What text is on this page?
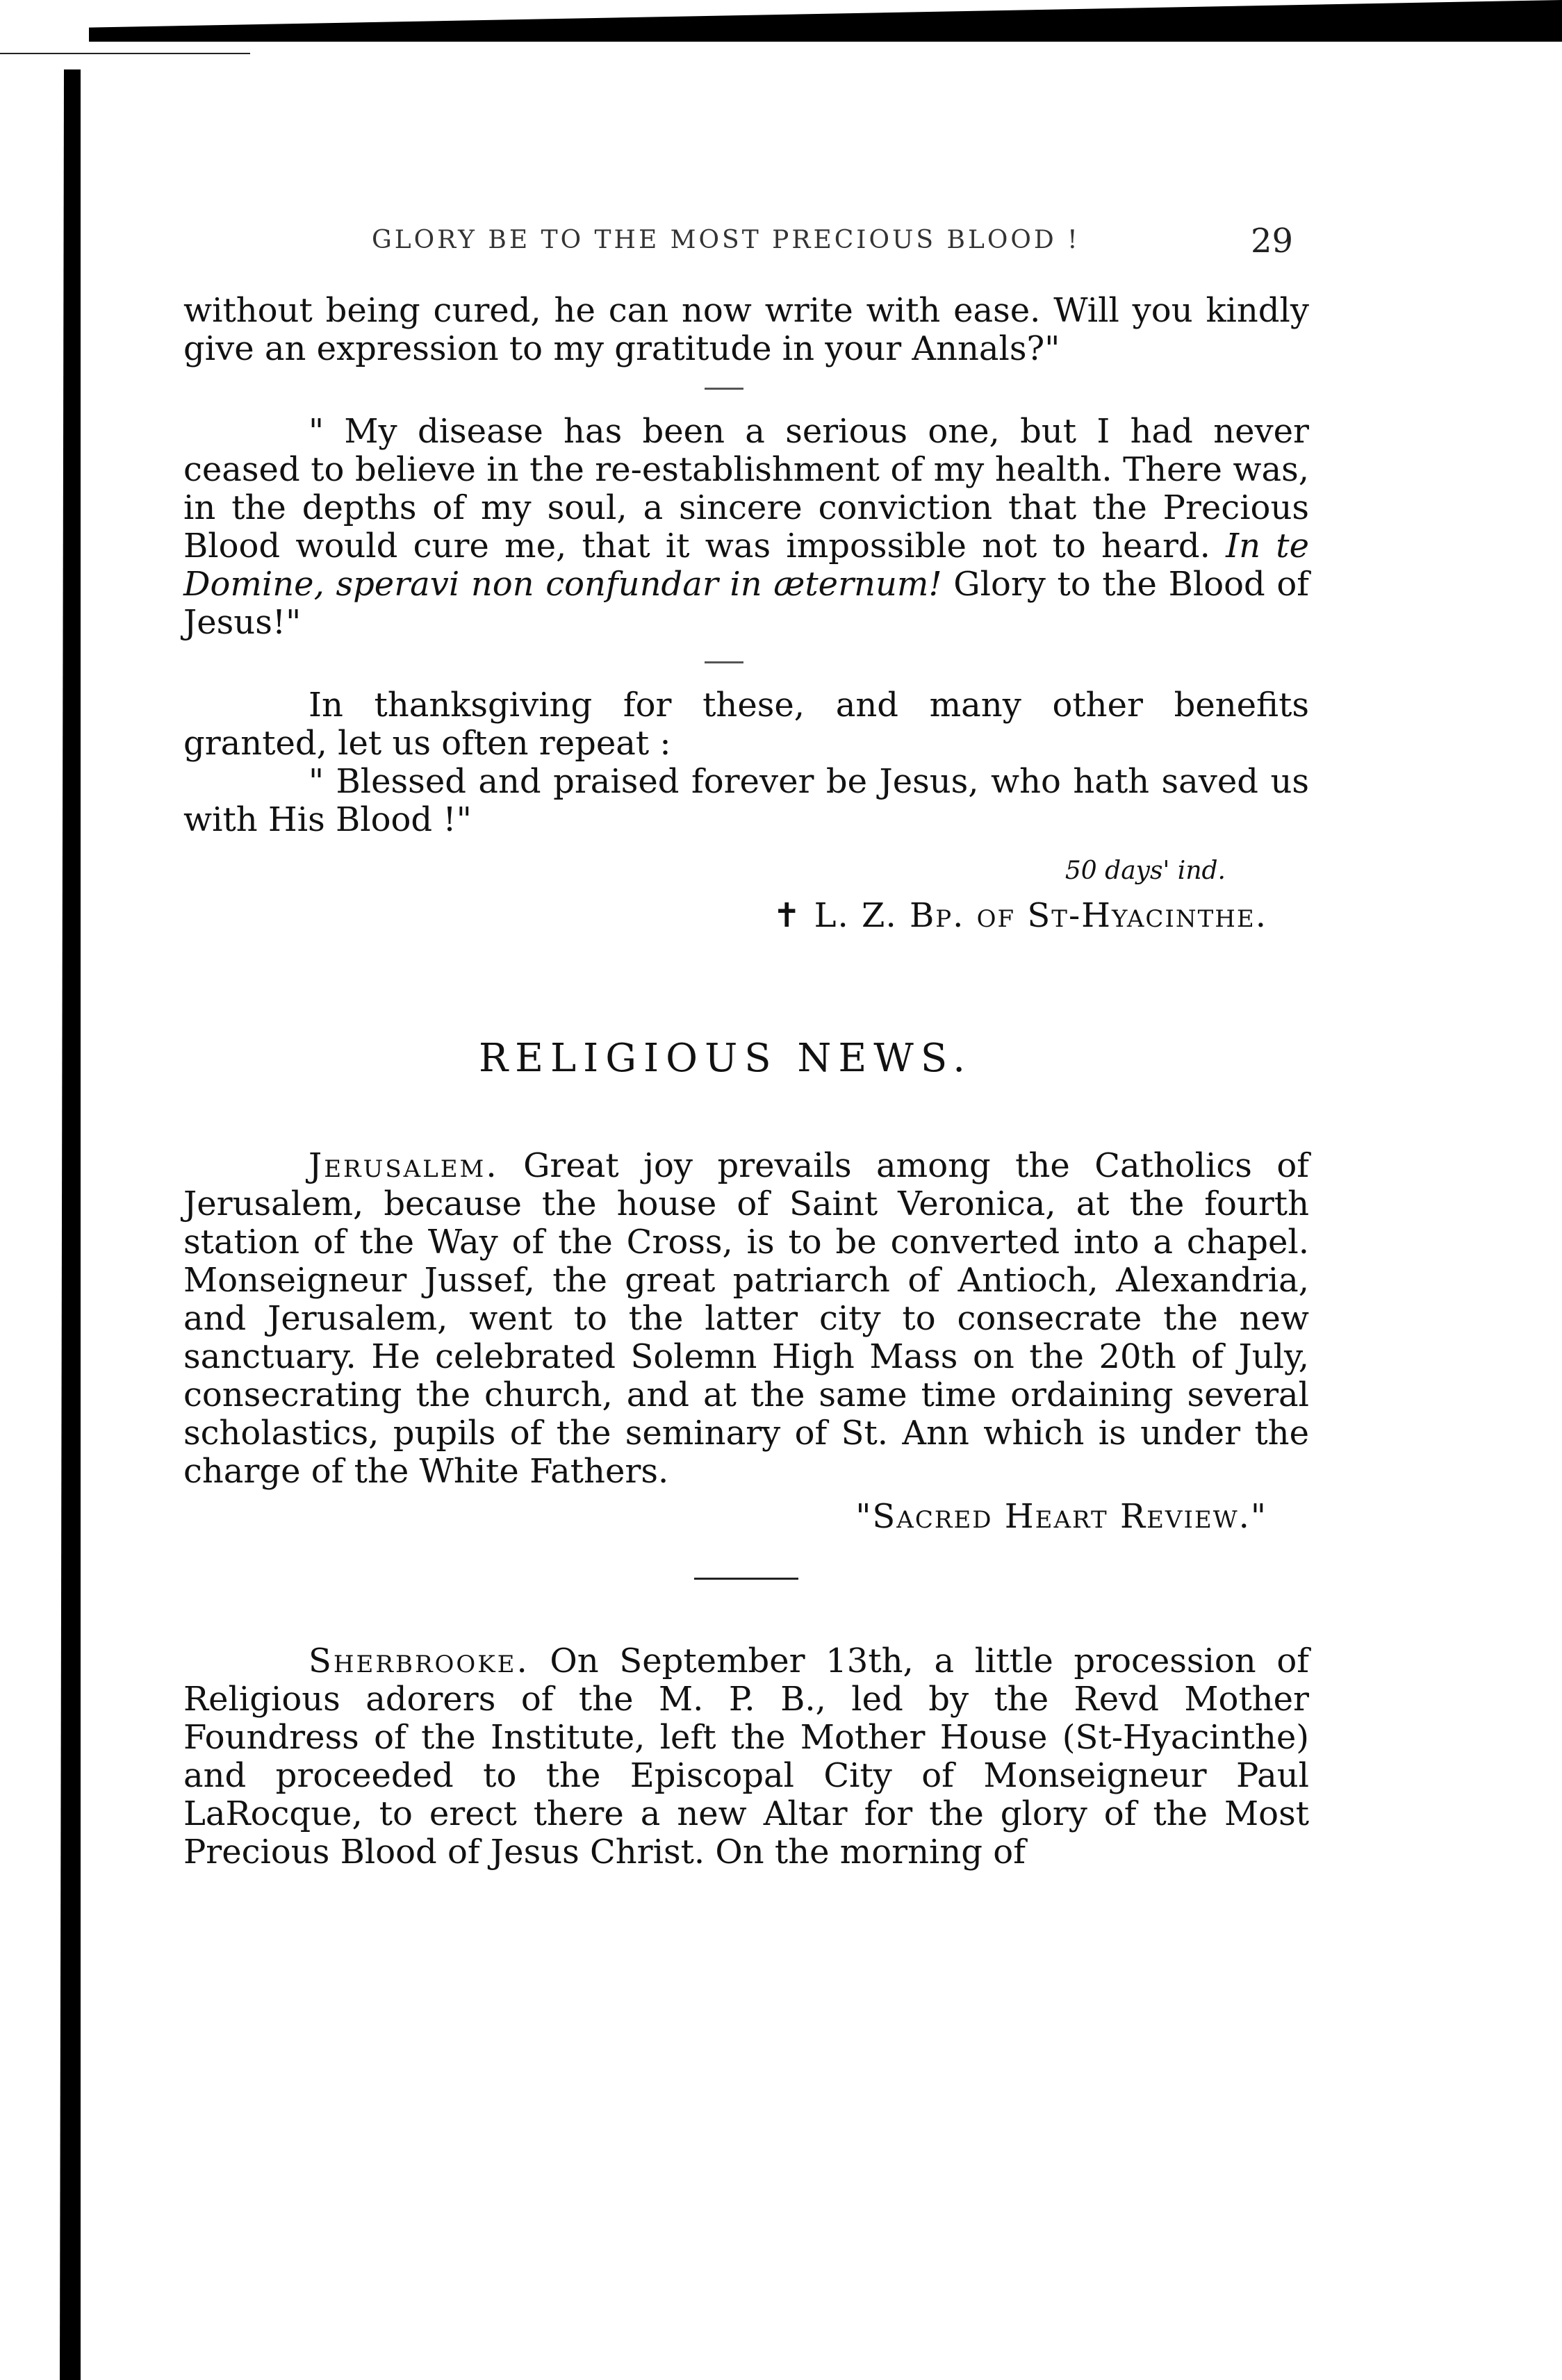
GLORY BE TO THE MOST PRECIOUS BLOOD !	29

without being cured, he can now write with ease. Will you kindly give an expression to my gratitude in your Annals?"

" My disease has been a serious one, but I had never ceased to believe in the re-establishment of my health. There was, in the depths of my soul, a sincere conviction that the Precious Blood would cure me, that it was impossible not to heard. In te Domine, speravi non confundar in æternum! Glory to the Blood of Jesus!"

In thanksgiving for these, and many other benefits granted, let us often repeat :

" Blessed and praised forever be Jesus, who hath saved us with His Blood !"

50 days' ind.

✝ L. Z. Bp. of St-Hyacinthe.

RELIGIOUS NEWS.

Jerusalem. Great joy prevails among the Catholics of Jerusalem, because the house of Saint Veronica, at the fourth station of the Way of the Cross, is to be converted into a chapel. Monseigneur Jussef, the great patriarch of Antioch, Alexandria, and Jerusalem, went to the latter city to consecrate the new sanctuary. He celebrated Solemn High Mass on the 20th of July, consecrating the church, and at the same time ordaining several scholastics, pupils of the seminary of St. Ann which is under the charge of the White Fathers.

"Sacred Heart Review."

Sherbrooke. On September 13th, a little procession of Religious adorers of the M. P. B., led by the Revd Mother Foundress of the Institute, left the Mother House (St-Hyacinthe) and proceeded to the Episcopal City of Monseigneur Paul LaRocque, to erect there a new Altar for the glory of the Most Precious Blood of Jesus Christ. On the morning of
